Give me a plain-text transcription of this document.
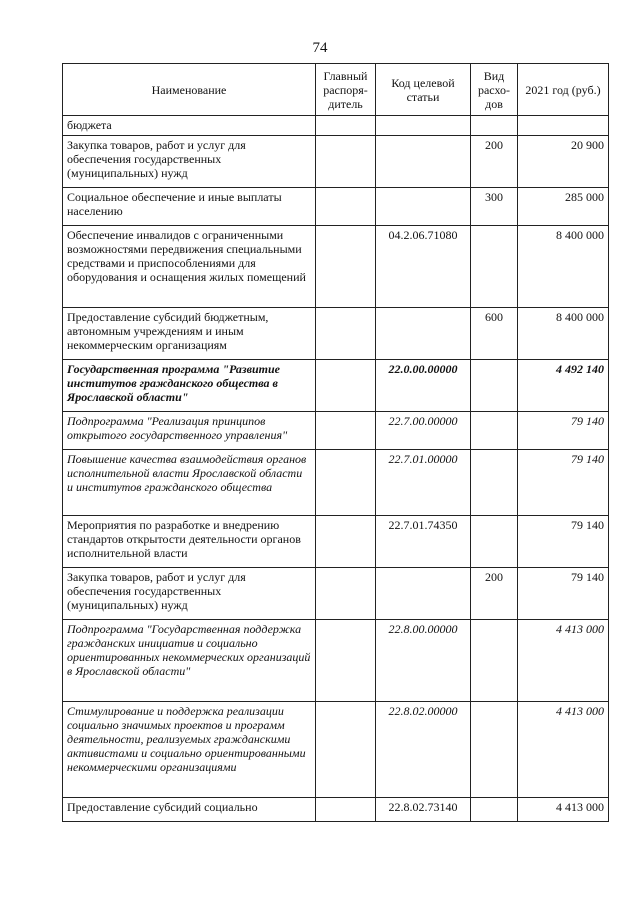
74
Наименование	Главный распоря- дитель	Код целевой статьи	Вид расхо- дов	2021 год (руб.)
бюджета				
Закупка товаров, работ и услуг для обеспечения государственных (муниципальных) нужд			200	20 900
Социальное обеспечение и иные выплаты населению			300	285 000
Обеспечение инвалидов с ограниченными возможностями передвижения специальными средствами и приспособлениями для оборудования и оснащения жилых помещений		04.2.06.71080		8 400 000
Предоставление субсидий бюджетным, автономным учреждениям и иным некоммерческим организациям			600	8 400 000
Государственная программа "Развитие институтов гражданского общества в Ярославской области"		22.0.00.00000		4 492 140
Подпрограмма "Реализация принципов открытого государственного управления"		22.7.00.00000		79 140
Повышение качества взаимодействия органов исполнительной власти Ярославской области и институтов гражданского общества		22.7.01.00000		79 140
Мероприятия по разработке и внедрению стандартов открытости деятельности органов исполнительной власти		22.7.01.74350		79 140
Закупка товаров, работ и услуг для обеспечения государственных (муниципальных) нужд			200	79 140
Подпрограмма "Государственная поддержка гражданских инициатив и социально ориентированных некоммерческих организаций в Ярославской области"		22.8.00.00000		4 413 000
Стимулирование и поддержка реализации социально значимых проектов и программ деятельности, реализуемых гражданскими активистами и социально ориентированными некоммерческими организациями		22.8.02.00000		4 413 000
Предоставление субсидий социально		22.8.02.73140		4 413 000
